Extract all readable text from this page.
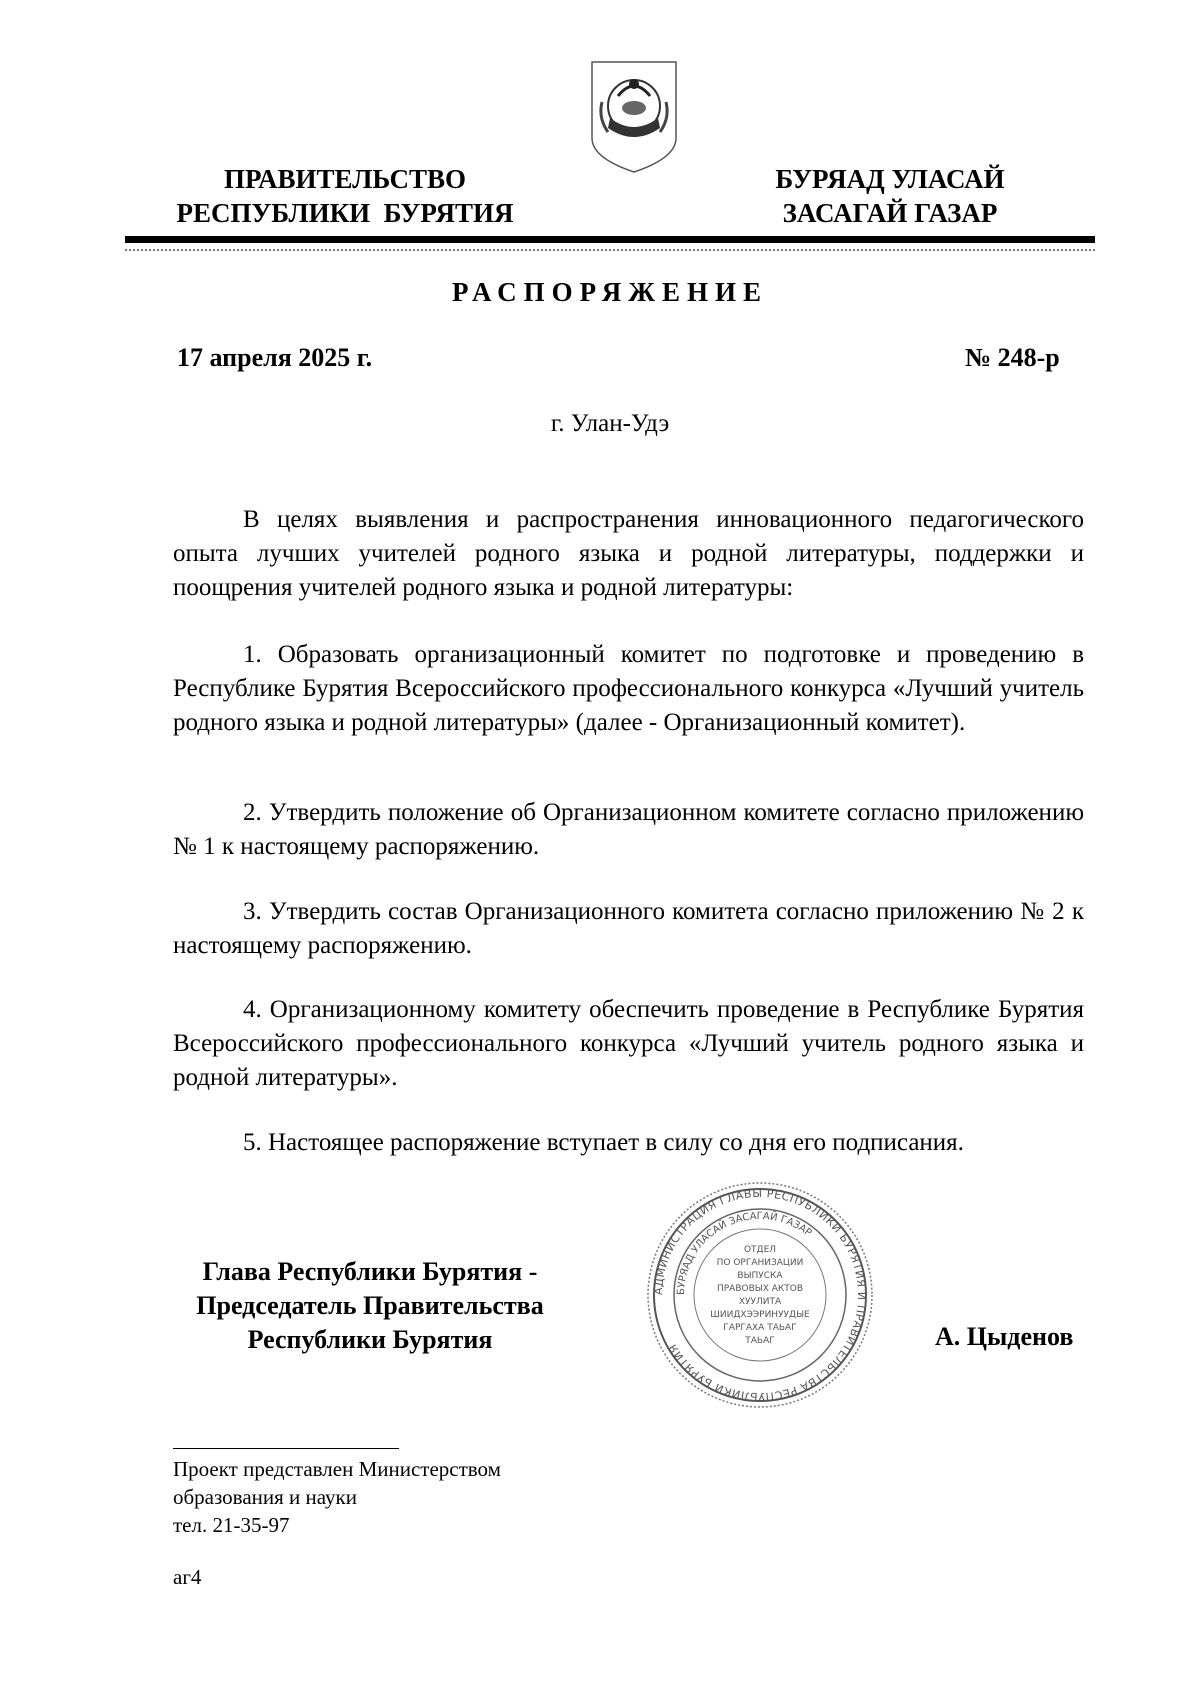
ПРАВИТЕЛЬСТВО
РЕСПУБЛИКИ  БУРЯТИЯ
БУРЯАД УЛАСАЙ
ЗАСАГАЙ ГАЗАР
РАСПОРЯЖЕНИЕ
17 апреля 2025 г.	№ 248-р
г. Улан-Удэ
В целях выявления и распространения инновационного педагогического опыта лучших учителей родного языка и родной литературы, поддержки и поощрения учителей родного языка и родной литературы:
1. Образовать организационный комитет по подготовке и проведению в Республике Бурятия Всероссийского профессионального конкурса «Лучший учитель родного языка и родной литературы» (далее - Организационный комитет).
2. Утвердить положение об Организационном комитете согласно приложению № 1 к настоящему распоряжению.
3. Утвердить состав Организационного комитета согласно приложению № 2 к настоящему распоряжению.
4. Организационному комитету обеспечить проведение в Республике Бурятия Всероссийского профессионального конкурса «Лучший учитель родного языка и родной литературы».
5. Настоящее распоряжение вступает в силу со дня его подписания.
Глава Республики Бурятия -
Председатель Правительства
Республики Бурятия
АДМИНИСТРАЦИЯ ГЛАВЫ РЕСПУБЛИКИ БУРЯТИЯ И ПРАВИТЕЛЬСТВА РЕСПУБЛИКИ БУРЯТИЯ
БУРЯАД УЛАСАЙ ЗАСАГАЙ ГАЗАР
ОТДЕЛ
ПО ОРГАНИЗАЦИИ
ВЫПУСКА
ПРАВОВЫХ АКТОВ
ХУУЛИТА
ШИИДХЭЭРИНУУДЫЕ
ГАРГАХА ТАЬАГ
ТАЬАГ	А. Цыденов
Проект представлен Министерством
образования и науки
тел. 21-35-97
аг4
